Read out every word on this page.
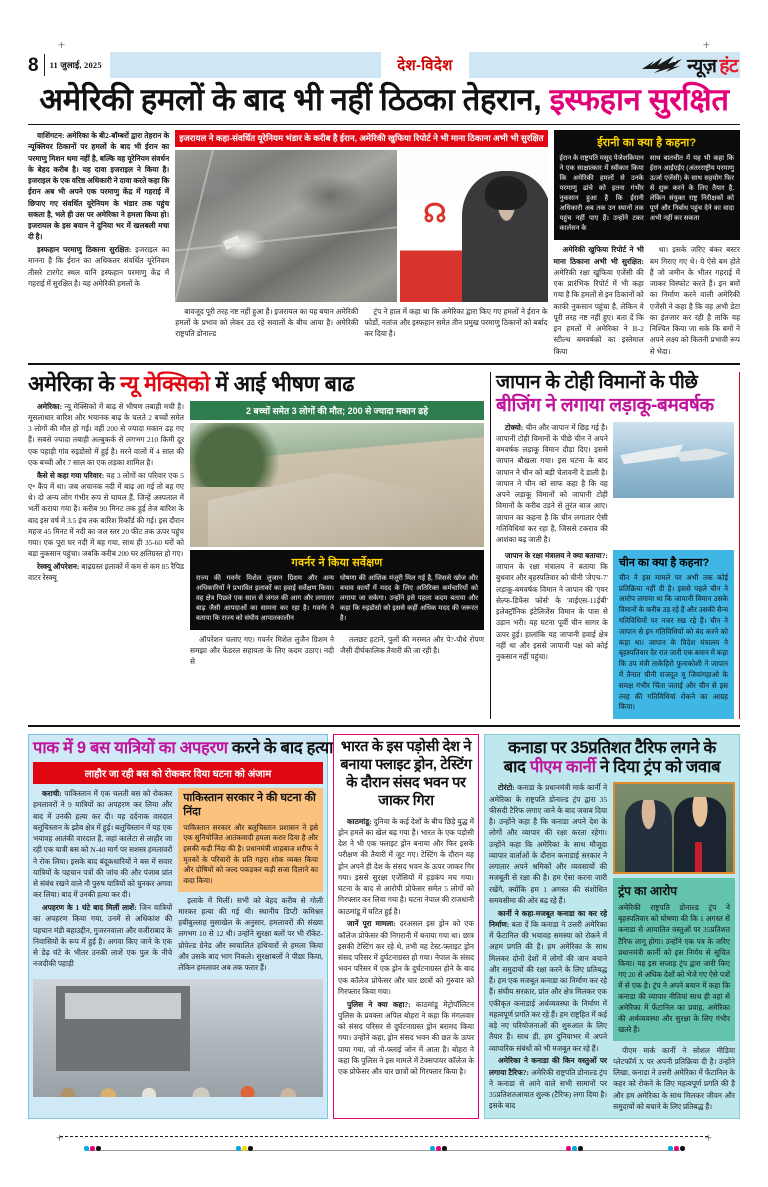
+	+
8 11 जुलाई, 2025	देश-विदेश	न्यूज़ हंट
अमेरिकी हमलों के बाद भी नहीं ठिठका तेहरान, इस्फहान सुरक्षित

वाशिंगटन: अमेरिका के बी2-बॉम्बरों द्वारा तेहरान के न्यूक्लियर ठिकानों पर हमलों के बाद भी ईरान का परमाणु मिशन थमा नहीं है, बल्कि वह यूरेनियम संवर्धन के बेहद करीब है। यह दावा इजराइल ने किया है। इजराइल के एक वरिष्ठ अधिकारी ने दावा करते कहा कि ईरान अब भी अपने एक परमाणु केंद्र में गहराई में छिपाए गए संवर्धित यूरेनियम के भंडार तक पहुंच सकता है, भले ही उस पर अमेरिका ने हमला किया हो। इजरायल के इस बयान ने दुनिया भर में खलबली मचा दी है।

इस्फहान परमाणु ठिकाना सुरक्षित: इजराइल का मानना है कि ईरान का अधिकतर संवर्धित यूरेनियम तीसरे टारगेट स्थल यानि इस्फहान परमाणु केंद्र में गहराई में सुरक्षित है। यह अमेरिकी हमलों के

इजरायल ने कहा-संवर्धित यूरेनियम भंडार के करीब है ईरान, अमेरिकी खुफिया रिपोर्ट ने भी माना ठिकाना अभी भी सुरक्षित
☊

बावजूद पूरी तरह नष्ट नहीं हुआ है। इजरायल का यह बयान अमेरिकी हमलों के प्रभाव को लेकर उठ रहे सवालों के बीच आया है। अमेरिकी राष्ट्रपति डोनाल्ड

ट्रंप ने हाल में कहा था कि अमेरिका द्वारा किए गए हमलों ने ईरान के फोर्डो, नतांज और इस्फहान समेत तीन प्रमुख परमाणु ठिकानों को बर्बाद कर दिया है।

ईरानी का क्या है कहना?
ईरान के राष्ट्रपति मसूद पेजेशकियान ने एक साक्षात्कार में स्वीकार किया कि अमेरिकी हमलों से उनके परमाणु ढांचे को इतना गंभीर नुकसान हुआ है कि ईरानी अधिकारी अब तक उन स्थानों तक पहुंच नहीं पाए हैं। उन्होंने टकर कार्लसन के
साथ बातचीत में यह भी कहा कि ईरान आईएईए (अंतरराष्ट्रीय परमाणु ऊर्जा एजेंसी) के साथ सहयोग फिर से शुरू करने के लिए तैयार है, लेकिन संयुक्त राष्ट्र निरीक्षकों को पूर्ण और निर्बाध पहुंच देने का वादा अभी नहीं कर सकता

अमेरिकी खुफिया रिपोर्ट ने भी माना ठिकाना अभी भी सुरक्षित: अमेरिकी रक्षा खुफिया एजेंसी की एक प्रारंभिक रिपोर्ट में भी कहा गया है कि हमलों से इन ठिकानों को काफी नुकसान पहुंचा है, लेकिन वे पूरी तरह नष्ट नहीं हुए। बता दें कि इन हमलों में अमेरिका ने B-2 स्टील्थ बमवर्षकों का इस्तेमाल किया

था। इसके जरिए बंकर बस्टर बम गिराए गए थे। ये ऐसे बम होते हैं जो जमीन के भीतर गहराई में जाकर विस्फोट करते हैं। इन बमों का निर्माण करने वाली अमेरिकी एजेंसी ने कहा है कि वह अभी डेटा का इंतजार कर रही है ताकि यह निश्चित किया जा सके कि बमों ने अपने लक्ष्य को कितनी प्रभावी रूप से भेदा।

अमेरिका के न्यू मेक्सिको में आई भीषण बाढ

अमेरिका: न्यू मेक्सिको में बाढ़ से भीषण तबाही मची है। मूसलाधार बारिश और भयानक बाढ़ के चलते 2 बच्चों समेत 3 लोगों की मौत हो गई। वहीं 200 से ज्यादा मकान ढह गए हैं। सबसे ज्यादा तबाही अल्बुकर्क से लगभग 210 किमी दूर एक पहाड़ी गांव रुइडोसो में हुई है। मरने वालों में 4 साल की एक बच्ची और 7 साल का एक लड़का शामिल है।

कैसे से कहा गया परिवार: यह 3 लोगों का परिवार एक 5 ए॰ कैंप में था। जब अचानक नदी में बाढ़ आ गई तो बह गए थे। दो अन्य लोग गंभीर रूप से घायल हैं, जिन्हें अस्पताल में भर्ती कराया गया है। करीब 90 मिनट तक हुई तेज बारिश के बाद इस वर्ष में 3.5 इंच तक बारिश रिकॉर्ड की गई। इस दौरान महज 45 मिनट में नदी का जल स्तर 20 फीट तक ऊपर पहुंच गया। एक पूरा घर नदी में बह गया, साथ ही 35-60 घरों को बड़ा नुकसान पहुंचा। जबकि करीब 200 घर क्षतिग्रस्त हो गए।

रेस्क्यू ऑपरेशन: बाढ़ग्रस्त इलाकों में कम से कम 85 रैपिड वाटर रेस्क्यू

2 बच्चों समेत 3 लोगों की मौत; 200 से ज्यादा मकान ढहे
गवर्नर ने किया सर्वेक्षण
राज्य की गवर्नर मिशेल लुजान ग्रिशम और अन्य अधिकारियों ने प्रभावित इलाकों का हवाई सर्वेक्षण किया। वह क्षेत्र पिछले एक साल से जंगल की आग और लगातार बाढ़ जैसी आपदाओं का सामना कर रहा है। गवर्नर ने बताया कि राज्य को संघीय आपातकालीन
घोषणा की आंशिक मंजूरी मिल गई है, जिससे खोज और बचाव कार्यों में मदद के लिए अतिरिक्त कर्मचारियों को लगाया जा सकेगा। उन्होंने इसे पहला कदम बताया और कहा कि रुइडोसो को इससे कहीं अधिक मदद की जरूरत है।

ऑपरेशन चलाए गए। गवर्नर मिशेल लुजैन ग्रिशम ने समझा और फेडरल सहायता के लिए कदम उठाए। नदी से

तलछट हटाने, पुलों की मरम्मत और पे?-पौधे रोपण जैसी दीर्घकालिक तैयारी की जा रही है।

जापान के टोही विमानों के पीछे
बीजिंग ने लगाया लड़ाकू-बमवर्षक

टोक्यो: चीन और जापान में छिड़ गई है। जापानी टोही विमानों के पीछे चीन ने अपने बमवर्षक लड़ाकू विमान दौड़ा दिए। इससे जापान बौखला गया। इस घटना के बाद जापान ने चीन को बड़ी चेतावनी दे डाली है। जापान ने चीन को साफ कहा है कि वह अपने लड़ाकू विमानों को जापानी टोही विमानों के करीब उड़ने से तुरंत बाज आए। जापान का कहना है कि चीन लगातार ऐसी गतिविधियां कर रहा है, जिससे टकराव की आशंका बढ़ जाती है।

जापान के रक्षा मंत्रालय ने क्या बताया?: जापान के रक्षा मंत्रालय ने बताया कि बुधवार और बृहस्पतिवार को चीनी 'जेएच-7' लड़ाकू-बमवर्षक विमान ने जापान की 'एयर सेल्फ-डिफेंस फोर्स' के 'वाईएस-11ईबी' इलेक्ट्रॉनिक इंटेलिजेंस विमान के पास से उड़ान भरी। यह घटना पूर्वी चीन सागर के ऊपर हुई। हालांकि यह जापानी हवाई क्षेत्र नहीं था और इससे जापानी पक्ष को कोई नुकसान नहीं पहुंचा।

चीन का क्या है कहना?
चीन ने इस मामले पर अभी तक कोई प्रतिक्रिया नहीं दी है। इससे पहले चीन ने आरोप लगाया था कि जापानी विमान उसके विमानों के करीब उड़ रहे हैं और उसकी सैन्य गतिविधियों पर नजर रख रहे हैं। चीन ने जापान से इन गतिविधियों को बंद करने को कहा था। जापान के विदेश मंत्रालय ने बृहस्पतिवार देर रात जारी एक बयान में कहा कि उप मंत्री ताकेहिरो फुनाकोशी ने जापान में तैनात चीनी राजदूत वू जियांगहाओ के समक्ष गंभीर चिंता जताई और चीन से इस तरह की गतिविधियां रोकने का आग्रह किया।
पाक में 9 बस यात्रियों का अपहरण करने के बाद हत्या
लाहौर जा रही बस को रोककर दिया घटना को अंजाम

कराची: पाकिस्तान में एक चलती बस को रोककर हमलावरों ने 9 यात्रियों का अपहरण कर लिया और बाद में उनकी हत्या कर दी। यह दर्दनाक वारदात बलूचिस्तान के झोब क्षेत्र में हुई। बलूचिस्तान में यह एक भयावह आतंकी वारदात है, जहां कालेटा से लाहौर जा रही एक यात्री बस को N-40 मार्ग पर सशस्त्र हमलावरों ने रोक लिया। इसके बाद बंदूकधारियों ने बस में सवार यात्रियों के पहचान पत्रों की जांच की और पंजाब प्रांत से संबंध रखने वाले नौ पुरुष यात्रियों को चुनकर अगवा कर लिया। बाद में उनकी हत्या कर दी।

अपहरण के 1 घंटे बाद मिलीं लाशें: जिन यात्रियों का अपहरण किया गया, उनमें से अधिकांश की पहचान मंडी बहाउद्दीन, गुजरनवाला और वजीराबाद के निवासियों के रूप में हुई है। अगवा किए जाने के एक से डेढ़ घंटे के भीतर उनकी लाशें एक पुल के नीचे नजदीकी पहाड़ी

पाकिस्तान सरकार ने की घटना की निंदा
पाकिस्तान सरकार और बलूचिस्तान प्रशासन ने इसे एक सुनियोजित आतंकवादी हमला करार दिया है और इसकी कड़ी निंदा की है। प्रधानमंत्री शाहबाज शरीफ ने मृतकों के परिवारों के प्रति गहरा शोक व्यक्त किया और दोषियों को जल्द पकड़कर कड़ी सजा दिलाने का वादा किया।

इलाके में मिलीं। सभी को बेहद करीब से गोली मारकर हत्या की गई थी। स्थानीय डिप्टी कमिश्नर हबीबुल्लाह मुसाखेल के अनुसार, हमलावरों की संख्या लगभग 10 से 12 थी। उन्होंने सुरक्षा बलों पर भी रॉकेट-प्रोपेल्ड ग्रेनेड और स्वचालित हथियारों से हमला किया और उसके बाद भाग निकले। सुरक्षाबलों ने पीछा किया, लेकिन हमलावर अब तक फरार हैं।

भारत के इस पड़ोसी देश ने बनाया फ्लाइट ड्रोन, टेस्टिंग के दौरान संसद भवन पर जाकर गिरा

काठमांडू: दुनिया के कई देशों के बीच छिड़े युद्ध में ड्रोन हमले का खेल बढ़ गया है। भारत के एक पड़ोसी देश ने भी एक फ्लाइट ड्रोन बनाया और फिर इसके परीक्षण की तैयारी में जुट गए। टेस्टिंग के दौरान यह ड्रोन अपने ही देश के संसद भवन के ऊपर जाकर गिर गया। इससे सुरक्षा एजेंसियों में हड़कंप मच गया। घटना के बाद से आरोपी प्रोफेसर समेत 5 लोगों को गिरफ्तार कर लिया गया है। घटना नेपाल की राजधानी काठमांडू में घटित हुई है।

जानें पूरा मामला: दरअसल इस ड्रोन को एक कॉलेज प्रोफेसर की निगरानी में बनाया गया था। छात्र इसकी टेस्टिंग कर रहे थे, तभी यह टेस्ट-फ्लाइट ड्रोन संसद परिसर में दुर्घटनाग्रस्त हो गया। नेपाल के संसद भवन परिसर में एक ड्रोन के दुर्घटनाग्रस्त होने के बाद एक कॉलेज प्रोफेसर और चार छात्रों को गुरुवार को गिरफ्तार किया गया।

पुलिस ने क्या कहा?: काठमांडू मेट्रोपॉलिटन पुलिस के प्रवक्ता अपिल बोहरा ने कहा कि मंगलवार को संसद परिसर से दुर्घटनाग्रस्त ड्रोन बरामद किया गया। उन्होंने कहा, ड्रोन संसद भवन की छत के ऊपर पाया गया, जो नो-फ्लाई जोन में आता है। बोहरा ने कहा कि पुलिस ने इस मामले में टेक्सपायर कॉलेज के एक प्रोफेसर और चार छात्रों को गिरफ्तार किया है।

कनाडा पर 35प्रतिशत टैरिफ लगने के
बाद पीएम कार्नी ने दिया ट्रंप को जवाब

टोरंटो: कनाडा के प्रधानमंत्री मार्क कार्नी ने अमेरिका के राष्ट्रपति डोनाल्ड ट्रंप द्वारा 35 फीसदी टैरिफ लगाए जाने के बाद जवाब दिया है। उन्होंने कहा है कि कनाडा अपने देश के लोगों और व्यापार की रक्षा करता रहेगा। उन्होंने कहा कि अमेरिका के साथ मौजूदा व्यापार वार्ताओं के दौरान कनाडाई सरकार ने लगातार अपने श्रमिकों और व्यवसायों की मजबूती से रक्षा की है। हम ऐसा करना जारी रखेंगे, क्योंकि हम 1 अगस्त की संशोधित समयसीमा की ओर बढ़ रहे हैं।

कार्नी ने कहा-मजबूत कनाडा का कर रहे निर्माण: बता दें कि कनाडा ने उत्तरी अमेरिका में फेंटानिल की भयावह समस्या को रोकने में अहम प्रगति की है। हम अमेरिका के साथ मिलकर दोनों देशों में लोगों की जान बचाने और समुदायों की रक्षा करने के लिए प्रतिबद्ध हैं। हम एक मजबूत कनाडा का निर्माण कर रहे हैं। संघीय सरकार, प्रांत और क्षेत्र मिलकर एक एकीकृत कनाडाई अर्थव्यवस्था के निर्माण में महत्वपूर्ण प्रगति कर रहे हैं। हम राष्ट्रहित में कई बड़े नए परियोजनाओं की शुरुआत के लिए तैयार हैं। साथ ही, हम दुनियाभर में अपने व्यापारिक संबंधों को भी मजबूत कर रहे हैं।

अमेरिका ने कनाडा की किन वस्तुओं पर लगाया टैरिफ?: अमेरिकी राष्ट्रपति डोनाल्ड ट्रंप ने कनाडा से आने वाले सभी सामानों पर 35प्रतिशतआयात शुल्क (टैरिफ) लगा दिया है। इसके बाद

ट्रंप का आरोप
अमेरिकी राष्ट्रपति डोनाल्ड ट्रंप ने बृहस्पतिवार को घोषणा की कि 1 अगस्त से कनाडा से आयातित वस्तुओं पर 35प्रतिशत टैरिफ लागू होगा। उन्होंने एक पत्र के जरिए प्रधानमंत्री कार्नी को इस निर्णय से सूचित किया। यह इस सप्ताह ट्रंप द्वारा जारी किए गए 20 से अधिक देशों को भेजे गए ऐसे पत्रों में से एक है। ट्रंप ने अपने बयान में कहा कि कनाडा की व्यापार नीतियां साथ ही वहां से अमेरिका में फेंटानिल का प्रवाह, अमेरिका की अर्थव्यवस्था और सुरक्षा के लिए गंभीर खतरे हैं।

पीएम मार्क कार्नी ने सोशल मीडिया प्लेटफॉर्म X पर अपनी प्रतिक्रिया दी है। उन्होंने लिखा, कनाडा ने उत्तरी अमेरिका में फेंटानिल के कहर को रोकने के लिए महत्वपूर्ण प्रगति की है और हम अमेरिका के साथ मिलकर जीवन और समुदायों को बचाने के लिए प्रतिबद्ध हैं।

+	+
